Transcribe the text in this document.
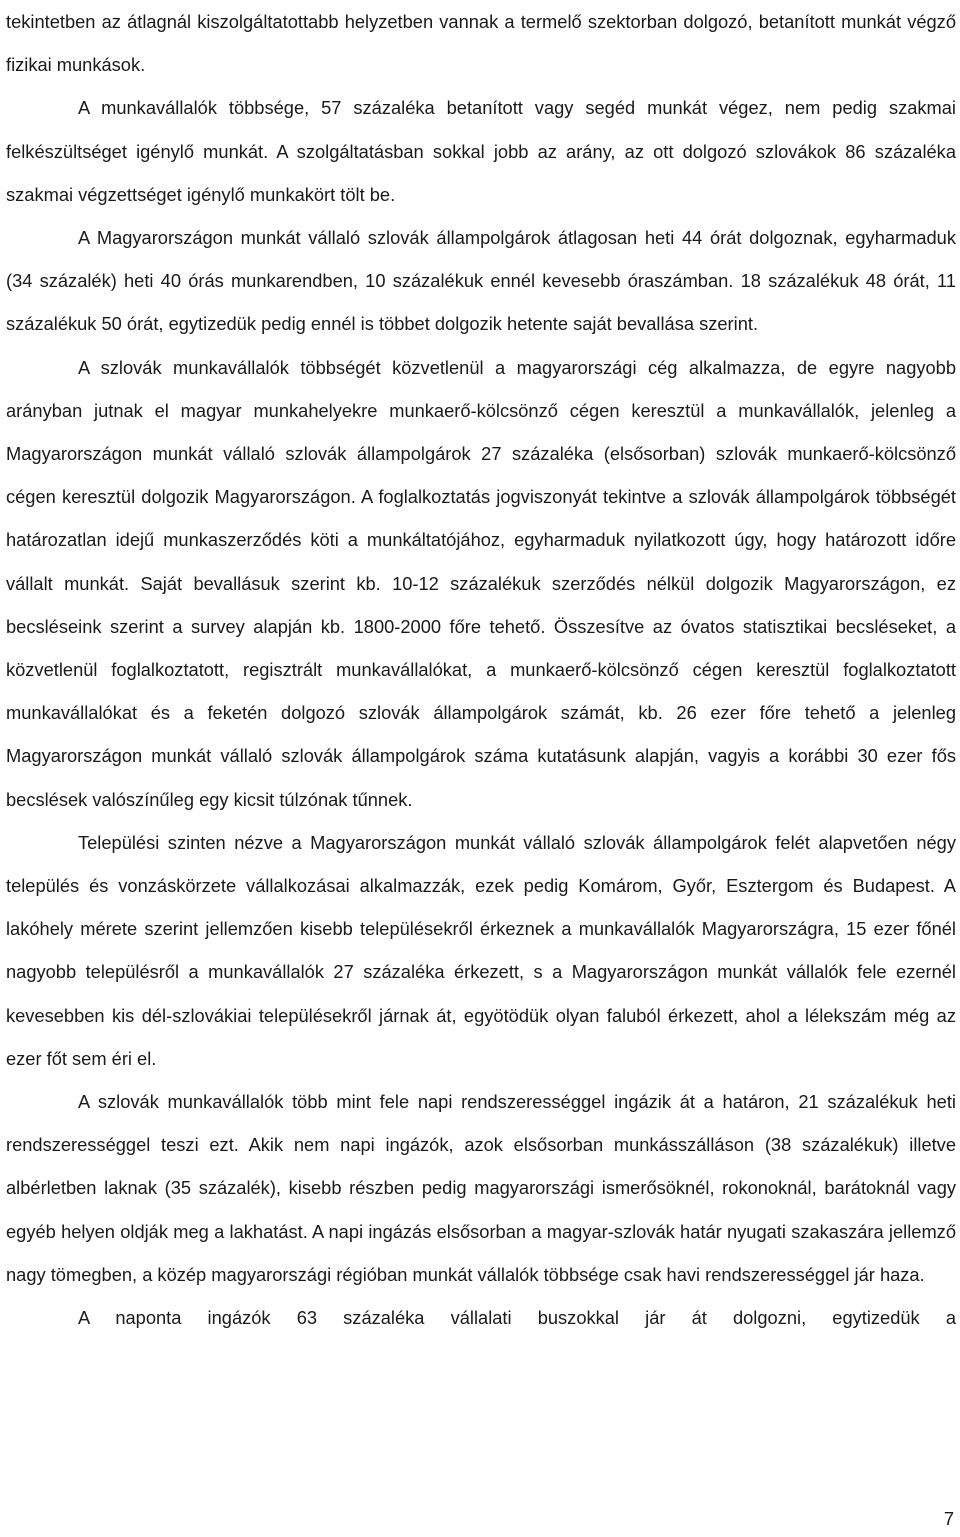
tekintetben az átlagnál kiszolgáltatottabb helyzetben vannak a termelő szektorban dolgozó, betanított munkát végző fizikai munkások.

A munkavállalók többsége, 57 százaléka betanított vagy segéd munkát végez, nem pedig szakmai felkészültséget igénylő munkát. A szolgáltatásban sokkal jobb az arány, az ott dolgozó szlovákok 86 százaléka szakmai végzettséget igénylő munkakört tölt be.

A Magyarországon munkát vállaló szlovák állampolgárok átlagosan heti 44 órát dolgoznak, egyharmaduk (34 százalék) heti 40 órás munkarendben, 10 százalékuk ennél kevesebb óraszámban. 18 százalékuk 48 órát, 11 százalékuk 50 órát, egytizedük pedig ennél is többet dolgozik hetente saját bevallása szerint.

A szlovák munkavállalók többségét közvetlenül a magyarországi cég alkalmazza, de egyre nagyobb arányban jutnak el magyar munkahelyekre munkaerő-kölcsönző cégen keresztül a munkavállalók, jelenleg a Magyarországon munkát vállaló szlovák állampolgárok 27 százaléka (elsősorban) szlovák munkaerő-kölcsönző cégen keresztül dolgozik Magyarországon. A foglalkoztatás jogviszonyát tekintve a szlovák állampolgárok többségét határozatlan idejű munkaszerződés köti a munkáltatójához, egyharmaduk nyilatkozott úgy, hogy határozott időre vállalt munkát. Saját bevallásuk szerint kb. 10-12 százalékuk szerződés nélkül dolgozik Magyarországon, ez becsléseink szerint a survey alapján kb. 1800-2000 főre tehető. Összesítve az óvatos statisztikai becsléseket, a közvetlenül foglalkoztatott, regisztrált munkavállalókat, a munkaerő-kölcsönző cégen keresztül foglalkoztatott munkavállalókat és a feketén dolgozó szlovák állampolgárok számát, kb. 26 ezer főre tehető a jelenleg Magyarországon munkát vállaló szlovák állampolgárok száma kutatásunk alapján, vagyis a korábbi 30 ezer fős becslések valószínűleg egy kicsit túlzónak tűnnek.

Települési szinten nézve a Magyarországon munkát vállaló szlovák állampolgárok felét alapvetően négy település és vonzáskörzete vállalkozásai alkalmazzák, ezek pedig Komárom, Győr, Esztergom és Budapest. A lakóhely mérete szerint jellemzően kisebb településekről érkeznek a munkavállalók Magyarországra, 15 ezer főnél nagyobb településről a munkavállalók 27 százaléka érkezett, s a Magyarországon munkát vállalók fele ezernél kevesebben kis dél-szlovákiai településekről járnak át, egyötödük olyan faluból érkezett, ahol a lélekszám még az ezer főt sem éri el.

A szlovák munkavállalók több mint fele napi rendszerességgel ingázik át a határon, 21 százalékuk heti rendszerességgel teszi ezt. Akik nem napi ingázók, azok elsősorban munkásszálláson (38 százalékuk) illetve albérletben laknak (35 százalék), kisebb részben pedig magyarországi ismerősöknél, rokonoknál, barátoknál vagy egyéb helyen oldják meg a lakhatást. A napi ingázás elsősorban a magyar-szlovák határ nyugati szakaszára jellemző nagy tömegben, a közép magyarországi régióban munkát vállalók többsége csak havi rendszerességgel jár haza.

A naponta ingázók 63 százaléka vállalati buszokkal jár át dolgozni, egytizedük a

7
